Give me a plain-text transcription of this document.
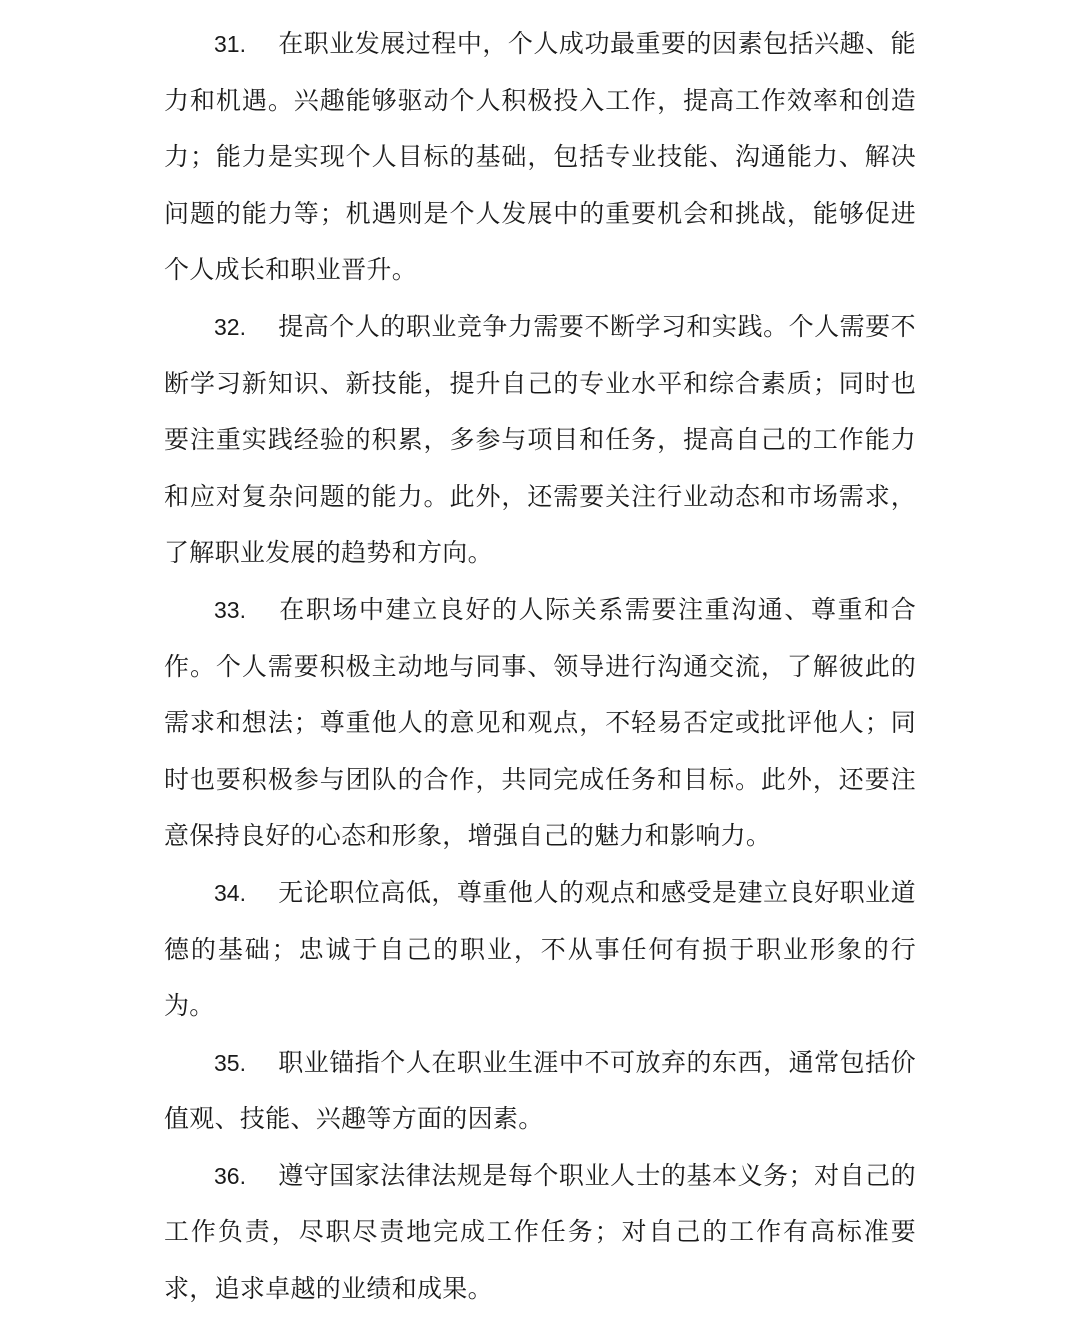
31. 在职业发展过程中，个人成功最重要的因素包括兴趣、能力和机遇。兴趣能够驱动个人积极投入工作，提高工作效率和创造力；能力是实现个人目标的基础，包括专业技能、沟通能力、解决问题的能力等；机遇则是个人发展中的重要机会和挑战，能够促进个人成长和职业晋升。

32. 提高个人的职业竞争力需要不断学习和实践。个人需要不断学习新知识、新技能，提升自己的专业水平和综合素质；同时也要注重实践经验的积累，多参与项目和任务，提高自己的工作能力和应对复杂问题的能力。此外，还需要关注行业动态和市场需求，了解职业发展的趋势和方向。

33. 在职场中建立良好的人际关系需要注重沟通、尊重和合作。个人需要积极主动地与同事、领导进行沟通交流，了解彼此的需求和想法；尊重他人的意见和观点，不轻易否定或批评他人；同时也要积极参与团队的合作，共同完成任务和目标。此外，还要注意保持良好的心态和形象，增强自己的魅力和影响力。

34. 无论职位高低，尊重他人的观点和感受是建立良好职业道德的基础；忠诚于自己的职业，不从事任何有损于职业形象的行为。

35. 职业锚指个人在职业生涯中不可放弃的东西，通常包括价值观、技能、兴趣等方面的因素。

36. 遵守国家法律法规是每个职业人士的基本义务；对自己的工作负责，尽职尽责地完成工作任务；对自己的工作有高标准要求，追求卓越的业绩和成果。
